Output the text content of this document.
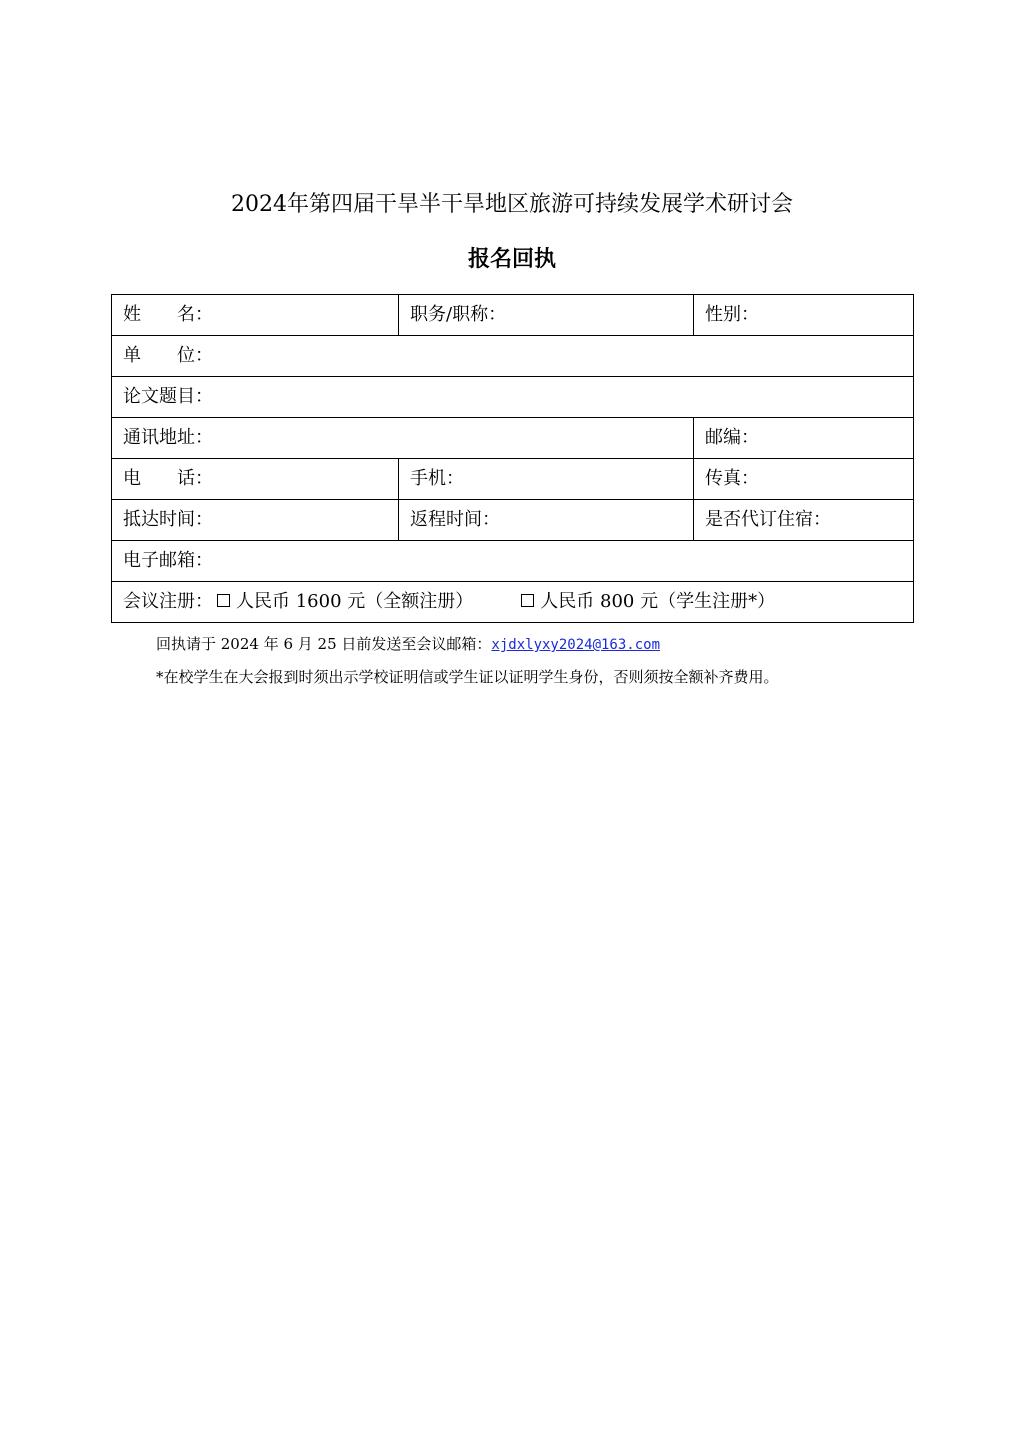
2024年第四届干旱半干旱地区旅游可持续发展学术研讨会
报名回执
姓　　名：	职务/职称：	性别：
单　　位：		
论文题目：		
通讯地址：		邮编：
电　　话：	手机：	传真：
抵达时间：	返程时间：	是否代订住宿：
电子邮箱：		
会议注册： 人民币 1600 元（全额注册） 人民币 800 元（学生注册*）		
回执请于 2024 年 6 月 25 日前发送至会议邮箱：xjdxlyxy2024@163.com
*在校学生在大会报到时须出示学校证明信或学生证以证明学生身份，否则须按全额补齐费用。
